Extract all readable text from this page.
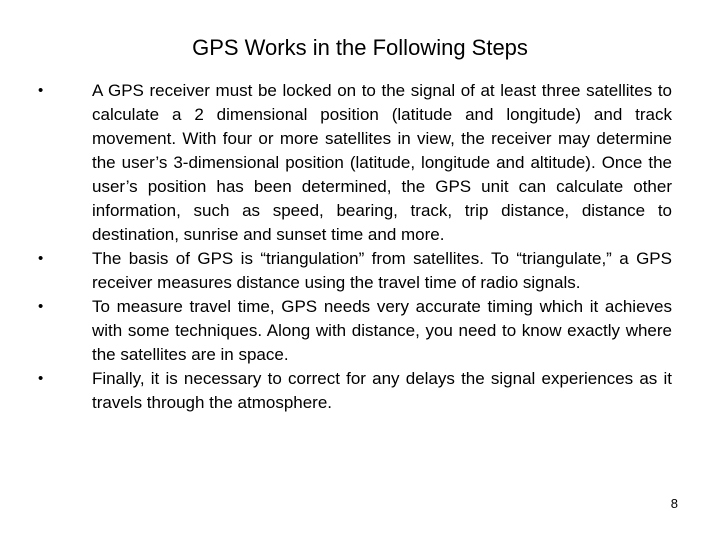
GPS Works in the Following Steps
•	A GPS receiver must be locked on to the signal of at least three satellites to calculate a 2 dimensional position (latitude and longitude) and track movement. With four or more satellites in view, the receiver may determine the user’s 3-dimensional position (latitude, longitude and altitude). Once the user’s position has been determined, the GPS unit can calculate other information, such as speed, bearing, track, trip distance, distance to destination, sunrise and sunset time and more.
•	The basis of GPS is “triangulation” from satellites. To “triangulate,” a GPS receiver measures distance using the travel time of radio signals.
•	To measure travel time, GPS needs very accurate timing which it achieves with some techniques. Along with distance, you need to know exactly where the satellites are in space.
•	Finally, it is necessary to correct for any delays the signal experiences as it travels through the atmosphere.
8
